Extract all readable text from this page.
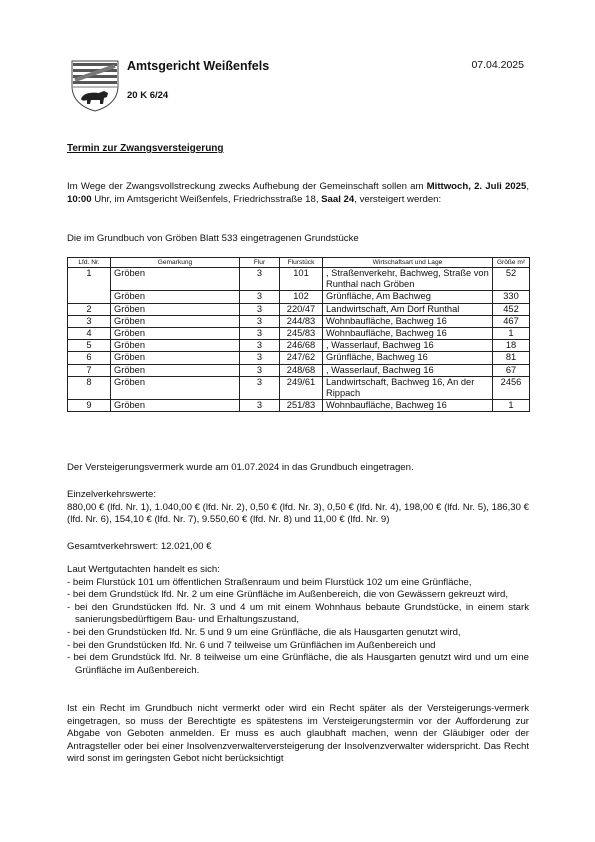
Amtsgericht Weißenfels	07.04.2025
20 K 6/24
Termin zur Zwangsversteigerung
Im Wege der Zwangsvollstreckung zwecks Aufhebung der Gemeinschaft sollen am Mittwoch, 2. Juli 2025, 10:00 Uhr, im Amtsgericht Weißenfels, Friedrichsstraße 18, Saal 24, versteigert werden:
Die im Grundbuch von Gröben Blatt 533 eingetragenen Grundstücke
Lfd. Nr.	Gemarkung	Flur	Flurstück	Wirtschaftsart und Lage	Größe m²
1	Gröben	3	101	, Straßenverkehr, Bachweg, Straße von Runthal nach Gröben	52
	Gröben	3	102	Grünfläche, Am Bachweg	330
2	Gröben	3	220/47	Landwirtschaft, Am Dorf Runthal	452
3	Gröben	3	244/83	Wohnbaufläche, Bachweg 16	467
4	Gröben	3	245/83	Wohnbaufläche, Bachweg 16	1
5	Gröben	3	246/68	, Wasserlauf, Bachweg 16	18
6	Gröben	3	247/62	Grünfläche, Bachweg 16	81
7	Gröben	3	248/68	, Wasserlauf, Bachweg 16	67
8	Gröben	3	249/61	Landwirtschaft, Bachweg 16, An der Rippach	2456
9	Gröben	3	251/83	Wohnbaufläche, Bachweg 16	1
Der Versteigerungsvermerk wurde am 01.07.2024 in das Grundbuch eingetragen.
Einzelverkehrswerte:
880,00 € (lfd. Nr. 1), 1.040,00 € (lfd. Nr. 2), 0,50 € (lfd. Nr. 3), 0,50 € (lfd. Nr. 4), 198,00 € (lfd. Nr. 5), 186,30 € (lfd. Nr. 6), 154,10 € (lfd. Nr. 7), 9.550,60 € (lfd. Nr. 8) und 11,00 € (lfd. Nr. 9)
Gesamtverkehrswert: 12.021,00 €
Laut Wertgutachten handelt es sich:
- beim Flurstück 101 um öffentlichen Straßenraum und beim Flurstück 102 um eine Grünfläche,
- bei dem Grundstück lfd. Nr. 2 um eine Grünfläche im Außenbereich, die von Gewässern gekreuzt wird,
- bei den Grundstücken lfd. Nr. 3 und 4 um mit einem Wohnhaus bebaute Grundstücke, in einem stark sanierungsbedürftigem Bau- und Erhaltungszustand,
- bei den Grundstücken lfd. Nr. 5 und 9 um eine Grünfläche, die als Hausgarten genutzt wird,
- bei den Grundstücken lfd. Nr. 6 und 7 teilweise um Grünflächen im Außenbereich und
- bei dem Grundstück lfd. Nr. 8 teilweise um eine Grünfläche, die als Hausgarten genutzt wird und um eine Grünfläche im Außenbereich.
Ist ein Recht im Grundbuch nicht vermerkt oder wird ein Recht später als der Versteigerungs-vermerk eingetragen, so muss der Berechtigte es spätestens im Versteigerungstermin vor der Aufforderung zur Abgabe von Geboten anmelden. Er muss es auch glaubhaft machen, wenn der Gläubiger oder der Antragsteller oder bei einer Insolvenzverwalterversteigerung der Insolvenzverwalter widerspricht. Das Recht wird sonst im geringsten Gebot nicht berücksichtigt
